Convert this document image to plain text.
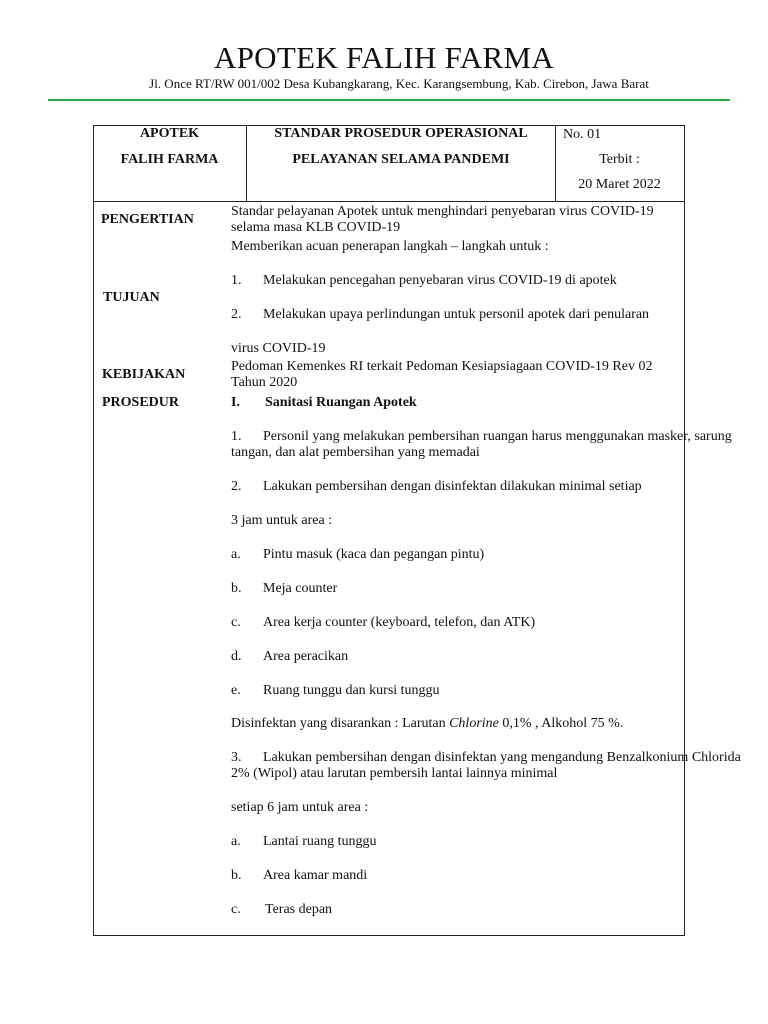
APOTEK FALIH FARMA
Jl. Once RT/RW 001/002 Desa Kubangkarang, Kec. Karangsembung, Kab. Cirebon, Jawa Barat
APOTEK
FALIH FARMA
STANDAR PROSEDUR OPERASIONAL
PELAYANAN SELAMA PANDEMI
No. 01
Terbit :
20 Maret 2022
PENGERTIAN
TUJUAN
KEBIJAKAN
PROSEDUR
Standar pelayanan Apotek untuk menghindari penyebaran virus COVID-19
selama masa KLB COVID-19
Memberikan acuan penerapan langkah – langkah untuk :
1. Melakukan pencegahan penyebaran virus COVID-19 di apotek
2. Melakukan upaya perlindungan untuk personil apotek dari penularan
virus COVID-19
Pedoman Kemenkes RI terkait Pedoman Kesiapsiagaan COVID-19 Rev 02
Tahun 2020
I. Sanitasi Ruangan Apotek
1. Personil yang melakukan pembersihan ruangan harus menggunakan masker, sarung
tangan, dan alat pembersihan yang memadai
2. Lakukan pembersihan dengan disinfektan dilakukan minimal setiap
3 jam untuk area :
a. Pintu masuk (kaca dan pegangan pintu)
b. Meja counter
c. Area kerja counter (keyboard, telefon, dan ATK)
d. Area peracikan
e. Ruang tunggu dan kursi tunggu
Disinfektan yang disarankan : Larutan Chlorine 0,1% , Alkohol 75 %.
3. Lakukan pembersihan dengan disinfektan yang mengandung Benzalkonium Chlorida
2% (Wipol) atau larutan pembersih lantai lainnya minimal
setiap 6 jam untuk area :
a. Lantai ruang tunggu
b. Area kamar mandi
c. Teras depan
